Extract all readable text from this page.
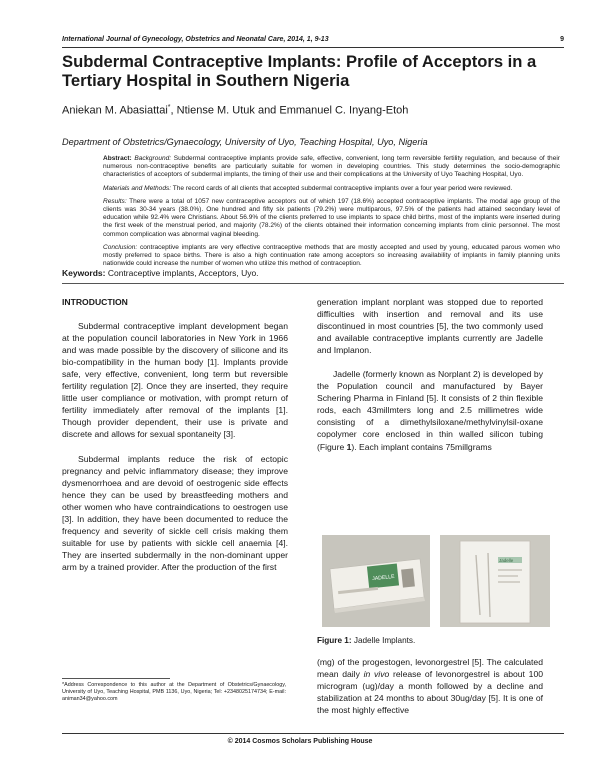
International Journal of Gynecology, Obstetrics and Neonatal Care, 2014, 1, 9-13	9
Subdermal Contraceptive Implants: Profile of Acceptors in a Tertiary Hospital in Southern Nigeria

Aniekan M. Abasiattai*, Ntiense M. Utuk and Emmanuel C. Inyang-Etoh

Department of Obstetrics/Gynaecology, University of Uyo, Teaching Hospital, Uyo, Nigeria

Abstract: Background: Subdermal contraceptive implants provide safe, effective, convenient, long term reversible fertility regulation, and because of their numerous non-contraceptive benefits are particularly suitable for women in developing countries. This study determines the socio-demographic characteristics of acceptors of subdermal implants, the timing of their use and their complications at the University of Uyo Teaching Hospital, Uyo.

Materials and Methods: The record cards of all clients that accepted subdermal contraceptive implants over a four year period were reviewed.

Results: There were a total of 1057 new contraceptive acceptors out of which 197 (18.6%) accepted contraceptive implants. The modal age group of the clients was 30-34 years (38.0%). One hundred and fifty six patients (79.2%) were multiparous, 97.5% of the patients had attained secondary level of education while 92.4% were Christians. About 56.9% of the clients preferred to use implants to space child births, most of the implants were inserted during the first week of the menstrual period, and majority (78.2%) of the clients obtained their information concerning implants from clinic personnel. The most common complication was abnormal vaginal bleeding.

Conclusion: contraceptive implants are very effective contraceptive methods that are mostly accepted and used by young, educated parous women who mostly preferred to space births. There is also a high continuation rate among acceptors so increasing availability of implants in family planning units nationwide could increase the number of women who utilize this method of contraception.

Keywords: Contraceptive implants, Acceptors, Uyo.

INTRODUCTION

Subdermal contraceptive implant development began at the population council laboratories in New York in 1966 and was made possible by the discovery of silicone and its bio-compatibility in the human body [1]. Implants provide safe, very effective, convenient, long term but reversible fertility regulation [2]. Once they are inserted, they require little user compliance or motivation, with prompt return of fertility immediately after removal of the implants [1]. Though provider dependent, their use is private and discrete and allows for sexual spontaneity [3].

Subdermal implants reduce the risk of ectopic pregnancy and pelvic inflammatory disease; they improve dysmenorrhoea and are devoid of oestrogenic side effects hence they can be used by breastfeeding mothers and other women who have contraindications to oestrogen use [3]. In addition, they have been documented to reduce the frequency and severity of sickle cell crisis making them suitable for use by patients with sickle cell anaemia [4]. They are inserted subdermally in the non-dominant upper arm by a trained provider. After the production of the first

generation implant norplant was stopped due to reported difficulties with insertion and removal and its use discontinued in most countries [5], the two commonly used and available contraceptive implants currently are Jadelle and Implanon.

Jadelle (formerly known as Norplant 2) is developed by the Population council and manufactured by Bayer Schering Pharma in Finland [5]. It consists of 2 thin flexible rods, each 43millmters long and 2.5 millimetres wide consisting of a dimethylsiloxane/methylvinylsil-oxane copolymer core enclosed in thin walled silicon tubing (Figure 1). Each implant contains 75millgrams

JADELLE
Jadelle

Figure 1: Jadelle Implants.

(mg) of the progestogen, levonorgestrel [5]. The calculated mean daily in vivo release of levonorgestrel is about 100 microgram (ug)/day a month followed by a decline and stabilization at 24 months to about 30ug/day [5]. It is one of the most highly effective

*Address Correspondence to this author at the Department of Obstetrics/Gynaecology, University of Uyo, Teaching Hospital, PMB 1136, Uyo, Nigeria; Tel: +2348025174734; E-mail: animan34@yahoo.com

© 2014 Cosmos Scholars Publishing House
